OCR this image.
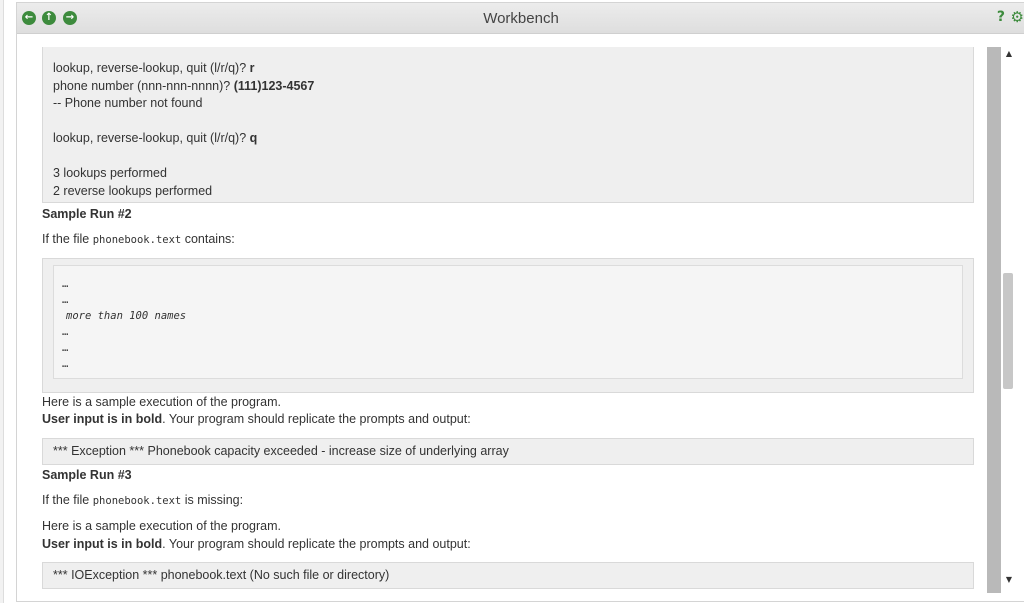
← ↑ →	Workbench	? ⚙
lookup, reverse-lookup, quit (l/r/q)? r
phone number (nnn-nnn-nnnn)? (111)123-4567
-- Phone number not found
lookup, reverse-lookup, quit (l/r/q)? q
3 lookups performed
2 reverse lookups performed
Sample Run #2
If the file phonebook.text contains:
…
…
more than 100 names
…
…
…
Here is a sample execution of the program.
User input is in bold. Your program should replicate the prompts and output:
*** Exception *** Phonebook capacity exceeded - increase size of underlying array
Sample Run #3
If the file phonebook.text is missing:
Here is a sample execution of the program.
User input is in bold. Your program should replicate the prompts and output:
*** IOException *** phonebook.text (No such file or directory)
▲
▼
